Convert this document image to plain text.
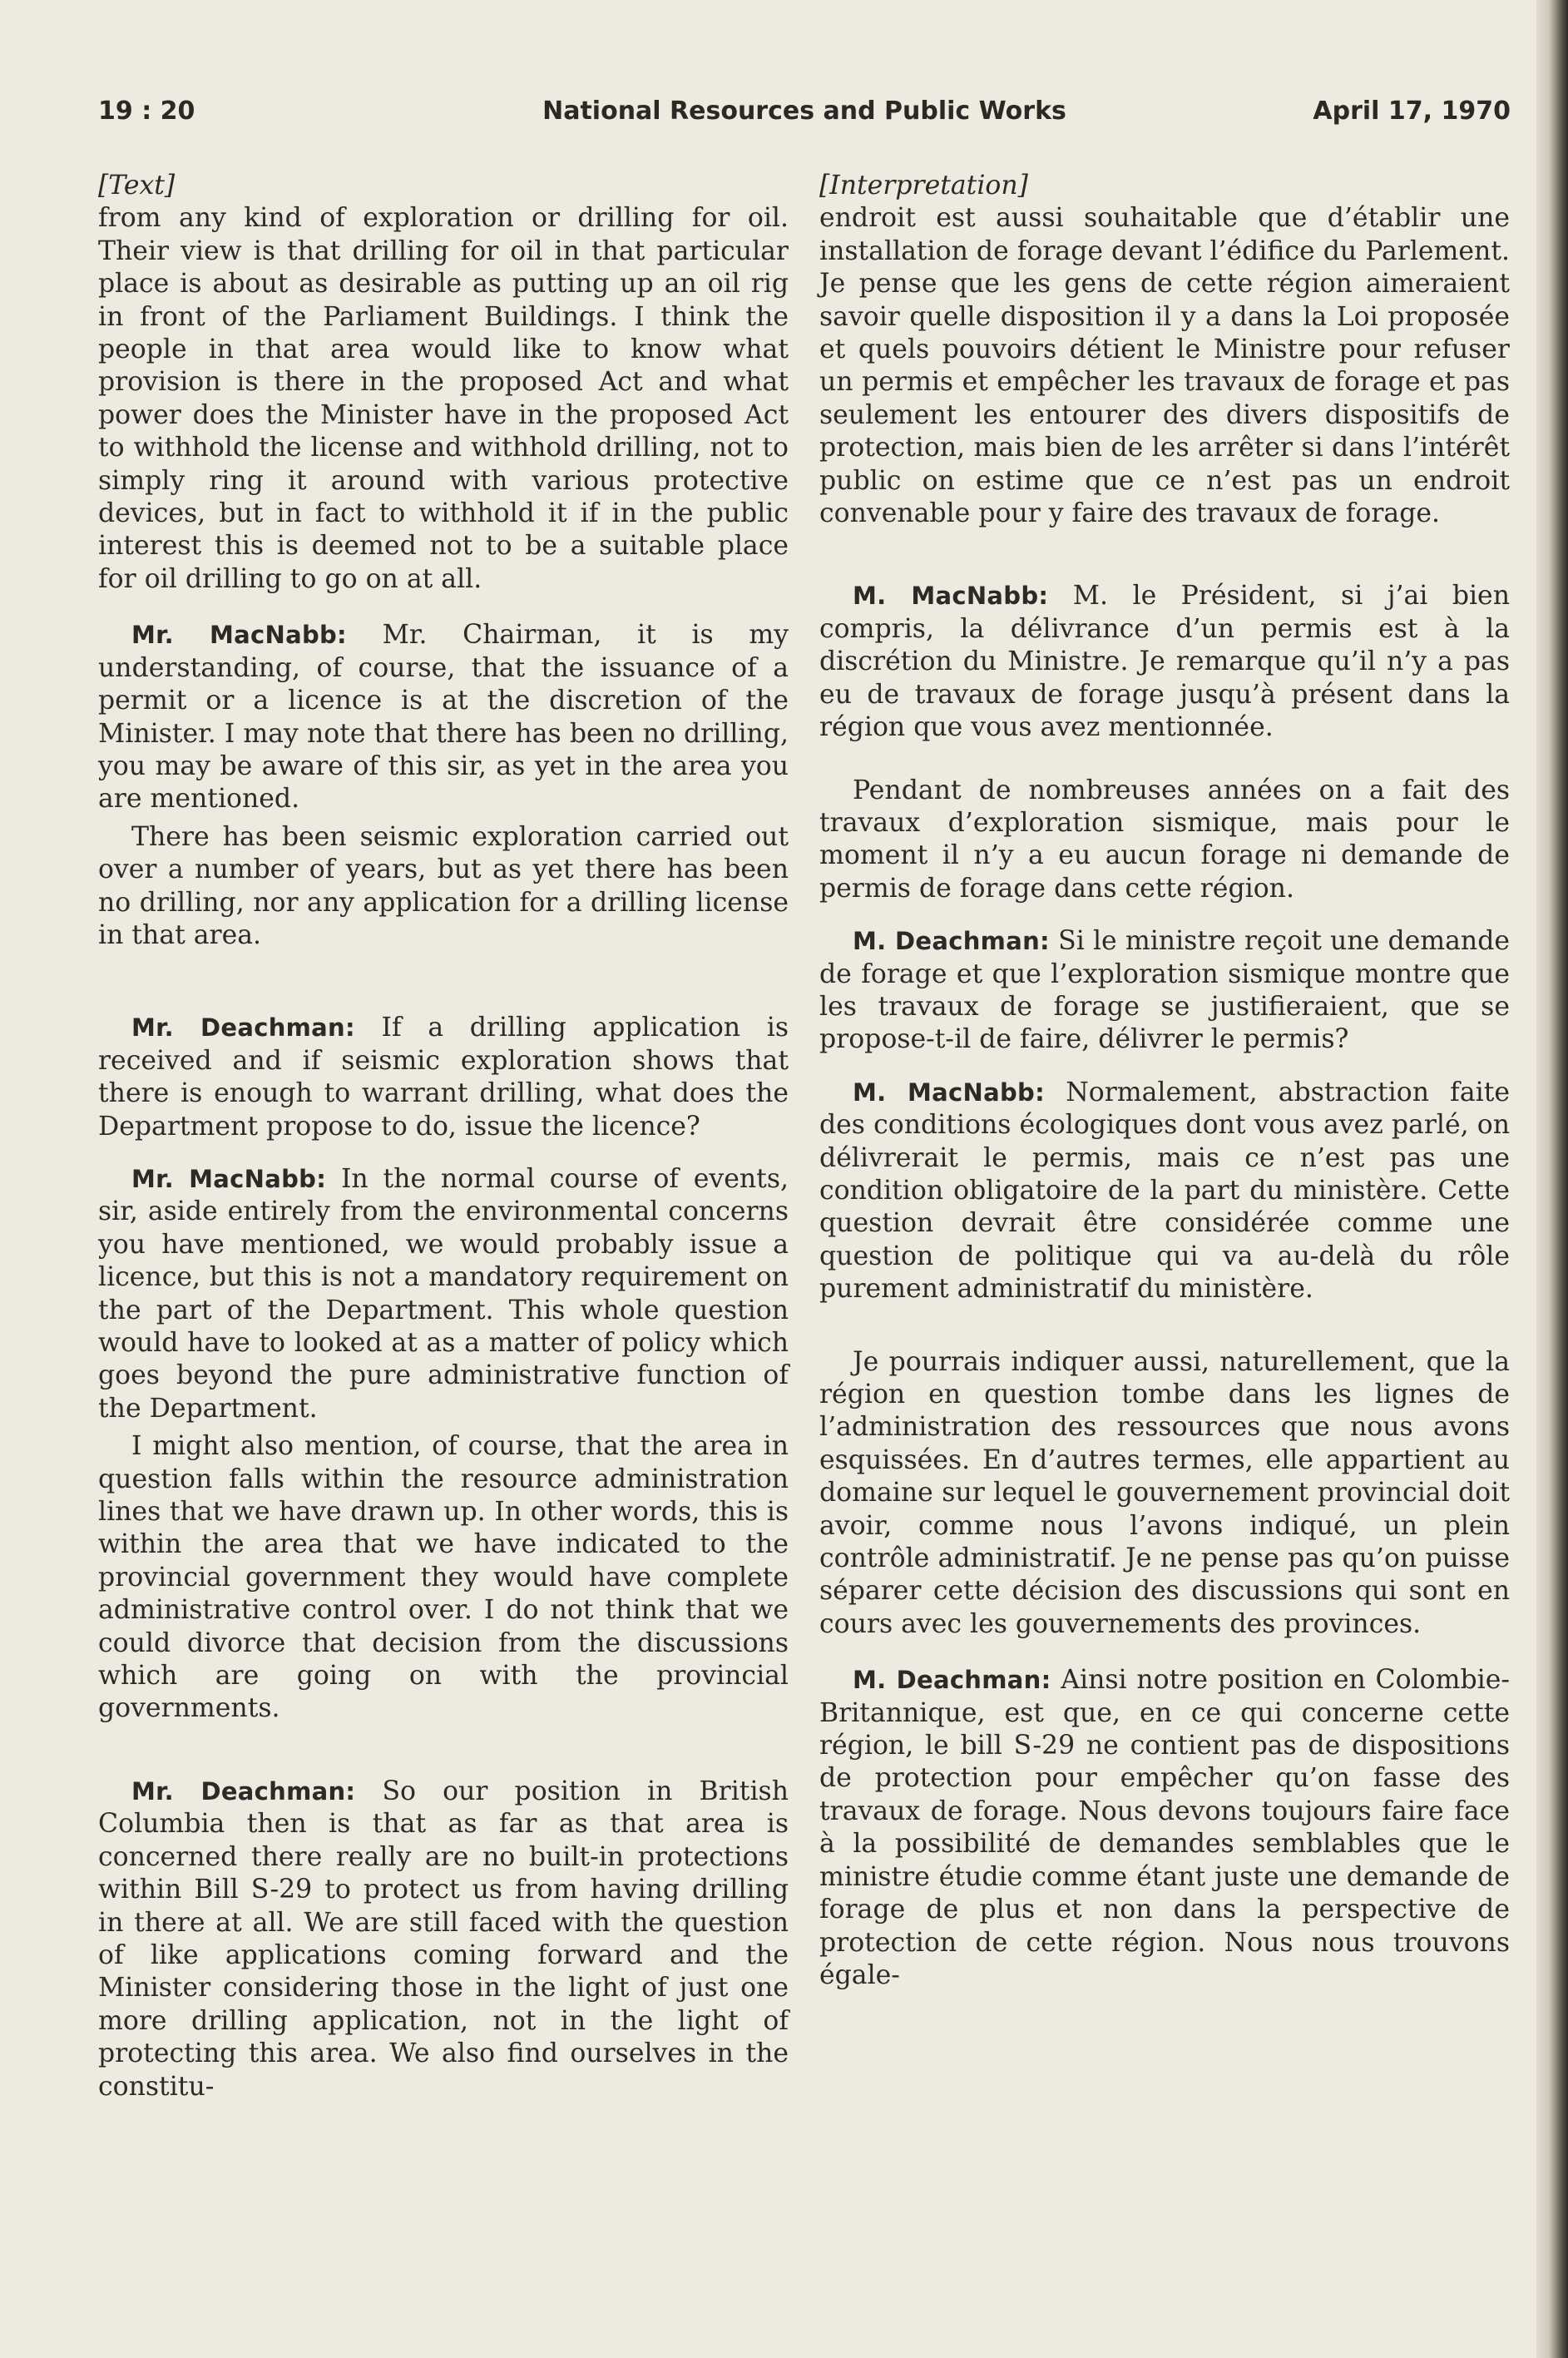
19 : 20	National Resources and Public Works	April 17, 1970

[Text]

from any kind of exploration or drilling for oil. Their view is that drilling for oil in that particular place is about as desirable as putting up an oil rig in front of the Parliament Buildings. I think the people in that area would like to know what provision is there in the proposed Act and what power does the Minister have in the proposed Act to withhold the license and withhold drilling, not to simply ring it around with various protective devices, but in fact to withhold it if in the public interest this is deemed not to be a suitable place for oil drilling to go on at all.

Mr. MacNabb: Mr. Chairman, it is my understanding, of course, that the issuance of a permit or a licence is at the discretion of the Minister. I may note that there has been no drilling, you may be aware of this sir, as yet in the area you are mentioned.

There has been seismic exploration carried out over a number of years, but as yet there has been no drilling, nor any application for a drilling license in that area.

Mr. Deachman: If a drilling application is received and if seismic exploration shows that there is enough to warrant drilling, what does the Department propose to do, issue the licence?

Mr. MacNabb: In the normal course of events, sir, aside entirely from the environmental concerns you have mentioned, we would probably issue a licence, but this is not a mandatory requirement on the part of the Department. This whole question would have to looked at as a matter of policy which goes beyond the pure administrative function of the Department.

I might also mention, of course, that the area in question falls within the resource administration lines that we have drawn up. In other words, this is within the area that we have indicated to the provincial government they would have complete administrative control over. I do not think that we could divorce that decision from the discussions which are going on with the provincial governments.

Mr. Deachman: So our position in British Columbia then is that as far as that area is concerned there really are no built-in protections within Bill S-29 to protect us from having drilling in there at all. We are still faced with the question of like applications coming forward and the Minister considering those in the light of just one more drilling application, not in the light of protecting this area. We also find ourselves in the constitu-

[Interpretation]

endroit est aussi souhaitable que d’établir une installation de forage devant l’édifice du Parlement. Je pense que les gens de cette région aimeraient savoir quelle disposition il y a dans la Loi proposée et quels pouvoirs détient le Ministre pour refuser un permis et empêcher les travaux de forage et pas seulement les entourer des divers dispositifs de protection, mais bien de les arrêter si dans l’intérêt public on estime que ce n’est pas un endroit convenable pour y faire des travaux de forage.

M. MacNabb: M. le Président, si j’ai bien compris, la délivrance d’un permis est à la discrétion du Ministre. Je remarque qu’il n’y a pas eu de travaux de forage jusqu’à présent dans la région que vous avez mentionnée.

Pendant de nombreuses années on a fait des travaux d’exploration sismique, mais pour le moment il n’y a eu aucun forage ni demande de permis de forage dans cette région.

M. Deachman: Si le ministre reçoit une demande de forage et que l’exploration sismique montre que les travaux de forage se justifieraient, que se propose-t-il de faire, délivrer le permis?

M. MacNabb: Normalement, abstraction faite des conditions écologiques dont vous avez parlé, on délivrerait le permis, mais ce n’est pas une condition obligatoire de la part du ministère. Cette question devrait être considérée comme une question de politique qui va au-delà du rôle purement administratif du ministère.

Je pourrais indiquer aussi, naturellement, que la région en question tombe dans les lignes de l’administration des ressources que nous avons esquissées. En d’autres termes, elle appartient au domaine sur lequel le gouvernement provincial doit avoir, comme nous l’avons indiqué, un plein contrôle administratif. Je ne pense pas qu’on puisse séparer cette décision des discussions qui sont en cours avec les gouvernements des provinces.

M. Deachman: Ainsi notre position en Colombie-Britannique, est que, en ce qui concerne cette région, le bill S-29 ne contient pas de dispositions de protection pour empêcher qu’on fasse des travaux de forage. Nous devons toujours faire face à la possibilité de demandes semblables que le ministre étudie comme étant juste une demande de forage de plus et non dans la perspective de protection de cette région. Nous nous trouvons égale-
